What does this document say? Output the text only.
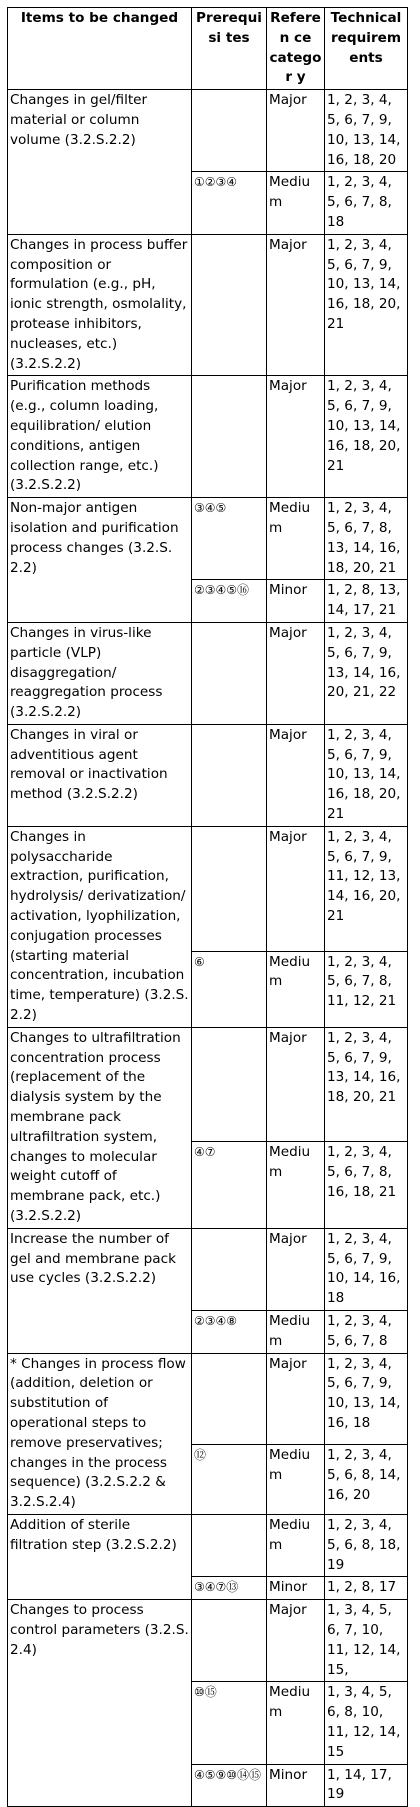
Items to be changed	Prerequisi tes	Referen ce categor y	Technical requirem ents
Changes in gel/filter material or column volume (3.2.S.2.2)		Major	1, 2, 3, 4, 5, 6, 7, 9, 10, 13, 14, 16, 18, 20
	①②③④	Mediu m	1, 2, 3, 4, 5, 6, 7, 8, 18
Changes in process buffer composition or formulation (e.g., pH, ionic strength, osmolality, protease inhibitors, nucleases, etc.) (3.2.S.2.2)		Major	1, 2, 3, 4, 5, 6, 7, 9, 10, 13, 14, 16, 18, 20, 21
Purification methods (e.g., column loading, equilibration/ elution conditions, antigen collection range, etc.) (3.2.S.2.2)		Major	1, 2, 3, 4, 5, 6, 7, 9, 10, 13, 14, 16, 18, 20, 21
Non-major antigen isolation and purification process changes (3.2.S. 2.2)	③④⑤	Mediu m	1, 2, 3, 4, 5, 6, 7, 8, 13, 14, 16, 18, 20, 21
	②③④⑤⑯	Minor	1, 2, 8, 13, 14, 17, 21
Changes in virus-like particle (VLP) disaggregation/ reaggregation process (3.2.S.2.2)		Major	1, 2, 3, 4, 5, 6, 7, 9, 13, 14, 16, 20, 21, 22
Changes in viral or adventitious agent removal or inactivation method (3.2.S.2.2)		Major	1, 2, 3, 4, 5, 6, 7, 9, 10, 13, 14, 16, 18, 20, 21
Changes in polysaccharide extraction, purification, hydrolysis/ derivatization/ activation, lyophilization, conjugation processes (starting material concentration, incubation time, temperature) (3.2.S. 2.2)		Major	1, 2, 3, 4, 5, 6, 7, 9, 11, 12, 13, 14, 16, 20, 21
	⑥	Mediu m	1, 2, 3, 4, 5, 6, 7, 8, 11, 12, 21
Changes to ultrafiltration concentration process (replacement of the dialysis system by the membrane pack ultrafiltration system, changes to molecular weight cutoff of membrane pack, etc.) (3.2.S.2.2)		Major	1, 2, 3, 4, 5, 6, 7, 9, 13, 14, 16, 18, 20, 21
	④⑦	Mediu m	1, 2, 3, 4, 5, 6, 7, 8, 16, 18, 21
Increase the number of gel and membrane pack use cycles (3.2.S.2.2)		Major	1, 2, 3, 4, 5, 6, 7, 9, 10, 14, 16, 18
	②③④⑧	Mediu m	1, 2, 3, 4, 5, 6, 7, 8
* Changes in process flow (addition, deletion or substitution of operational steps to remove preservatives; changes in the process sequence) (3.2.S.2.2 & 3.2.S.2.4)		Major	1, 2, 3, 4, 5, 6, 7, 9, 10, 13, 14, 16, 18
	⑫	Mediu m	1, 2, 3, 4, 5, 6, 8, 14, 16, 20
Addition of sterile filtration step (3.2.S.2.2)		Mediu m	1, 2, 3, 4, 5, 6, 8, 18, 19
	③④⑦⑬	Minor	1, 2, 8, 17
Changes to process control parameters (3.2.S. 2.4)		Major	1, 3, 4, 5, 6, 7, 10, 11, 12, 14, 15,
	⑩⑮	Mediu m	1, 3, 4, 5, 6, 8, 10, 11, 12, 14, 15
	④⑤⑨⑩⑭⑮	Minor	1, 14, 17, 19
